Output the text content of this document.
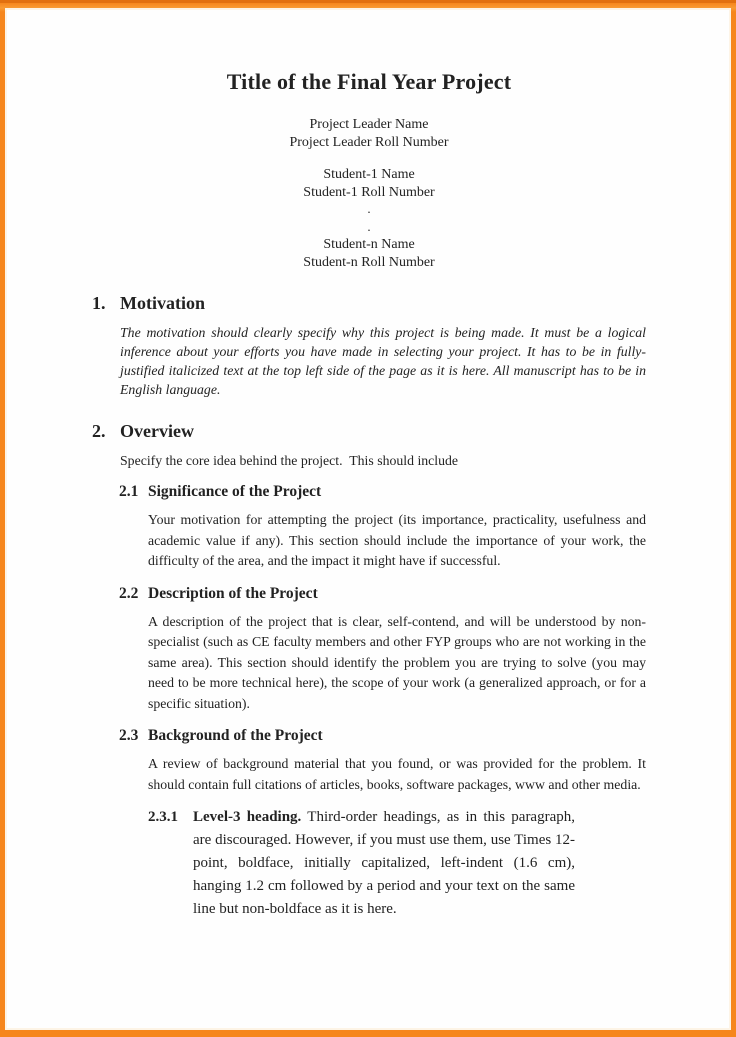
Title of the Final Year Project
Project Leader Name
Project Leader Roll Number
Student-1 Name
Student-1 Roll Number
.
.
Student-n Name
Student-n Roll Number
1. Motivation

The motivation should clearly specify why this project is being made. It must be a logical inference about your efforts you have made in selecting your project. It has to be in fully-justified italicized text at the top left side of the page as it is here. All manuscript has to be in English language.

2. Overview

Specify the core idea behind the project.  This should include

2.1 Significance of the Project

Your motivation for attempting the project (its importance, practicality, usefulness and academic value if any). This section should include the importance of your work, the difficulty of the area, and the impact it might have if successful.

2.2 Description of the Project

A description of the project that is clear, self-contend, and will be understood by non-specialist (such as CE faculty members and other FYP groups who are not working in the same area). This section should identify the problem you are trying to solve (you may need to be more technical here), the scope of your work (a generalized approach, or for a specific situation).

2.3 Background of the Project

A review of background material that you found, or was provided for the problem. It should contain full citations of articles, books, software packages, www and other media.

2.3.1 Level-3 heading. Third-order headings, as in this paragraph, are discouraged. However, if you must use them, use Times 12-point, boldface, initially capitalized, left-indent (1.6 cm), hanging 1.2 cm followed by a period and your text on the same line but non-boldface as it is here.
